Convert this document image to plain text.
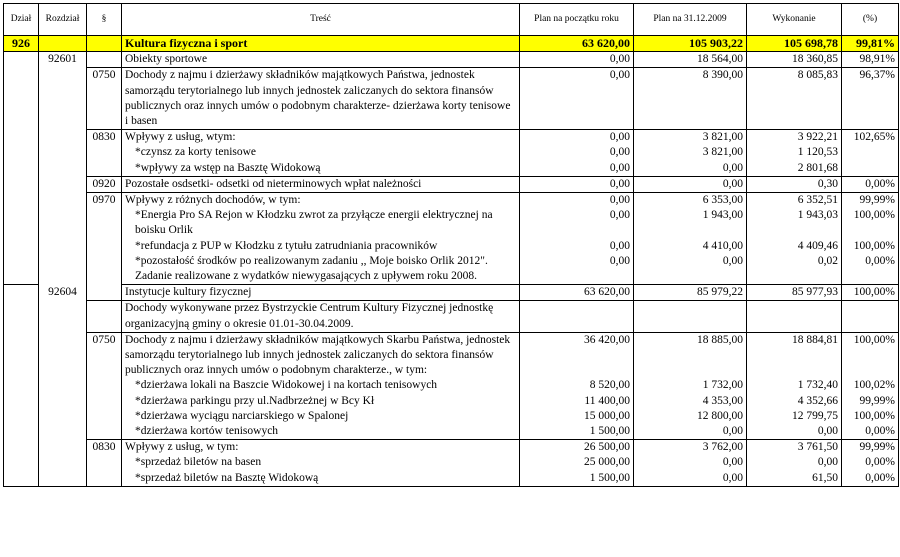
Dział	Rozdział	§	Treść	Plan na początku roku	Plan na 31.12.2009	Wykonanie	(%)
926			Kultura fizyczna i sport	63 620,00	105 903,22	105 698,78	99,81%
	92601		Obiekty sportowe	0,00	18 564,00	18 360,85	98,91%
		0750	Dochody z najmu i dzierżawy składników majątkowych Państwa, jednostek samorządu terytorialnego lub innych jednostek zaliczanych do sektora finansów publicznych oraz innych umów o podobnym charakterze- dzierżawa korty tenisowe i basen	0,00	8 390,00	8 085,83	96,37%
		0830	Wpływy z usług, wtym:	0,00	3 821,00	3 922,21	102,65%

			*czynsz za korty tenisowe	0,00	3 821,00	1 120,53	

			*wpływy za wstęp na Basztę Widokową	0,00	0,00	2 801,68	
		0920	Pozostałe osdsetki- odsetki od nieterminowych wpłat należności	0,00	0,00	0,30	0,00%
		0970	Wpływy z różnych dochodów, w tym:	0,00	6 353,00	6 352,51	99,99%

			*Energia Pro SA Rejon w Kłodzku zwrot za przyłącze energii elektrycznej na boisku Orlik	0,00	1 943,00	1 943,03	100,00%

			*refundacja z PUP w Kłodzku z tytułu zatrudniania pracowników	0,00	4 410,00	4 409,46	100,00%

			*pozostałość środków po realizowanym zadaniu ,, Moje boisko Orlik 2012". Zadanie realizowane z wydatków niewygasających z upływem roku 2008.	0,00	0,00	0,02	0,00%
	92604		Instytucje kultury fizycznej	63 620,00	85 979,22	85 977,93	100,00%
			Dochody wykonywane przez Bystrzyckie Centrum Kultury Fizycznej jednostkę organizacyjną gminy o okresie 01.01-30.04.2009.				
		0750	Dochody z najmu i dzierżawy składników majątkowych Skarbu Państwa, jednostek samorządu terytorialnego lub innych jednostek zaliczanych do sektora finansów publicznych oraz innych umów o podobnym charakterze., w tym:	36 420,00	18 885,00	18 884,81	100,00%

			*dzierżawa lokali na Baszcie Widokowej i na kortach tenisowych	8 520,00	1 732,00	1 732,40	100,02%

			*dzierżawa parkingu przy ul.Nadbrzeżnej w Bcy Kł	11 400,00	4 353,00	4 352,66	99,99%

			*dzierżawa wyciągu narciarskiego w Spalonej	15 000,00	12 800,00	12 799,75	100,00%

			*dzierżawa kortów tenisowych	1 500,00	0,00	0,00	0,00%
		0830	Wpływy z usług, w tym:	26 500,00	3 762,00	3 761,50	99,99%

			*sprzedaż biletów na basen	25 000,00	0,00	0,00	0,00%

			*sprzedaż biletów na Basztę Widokową	1 500,00	0,00	61,50	0,00%
